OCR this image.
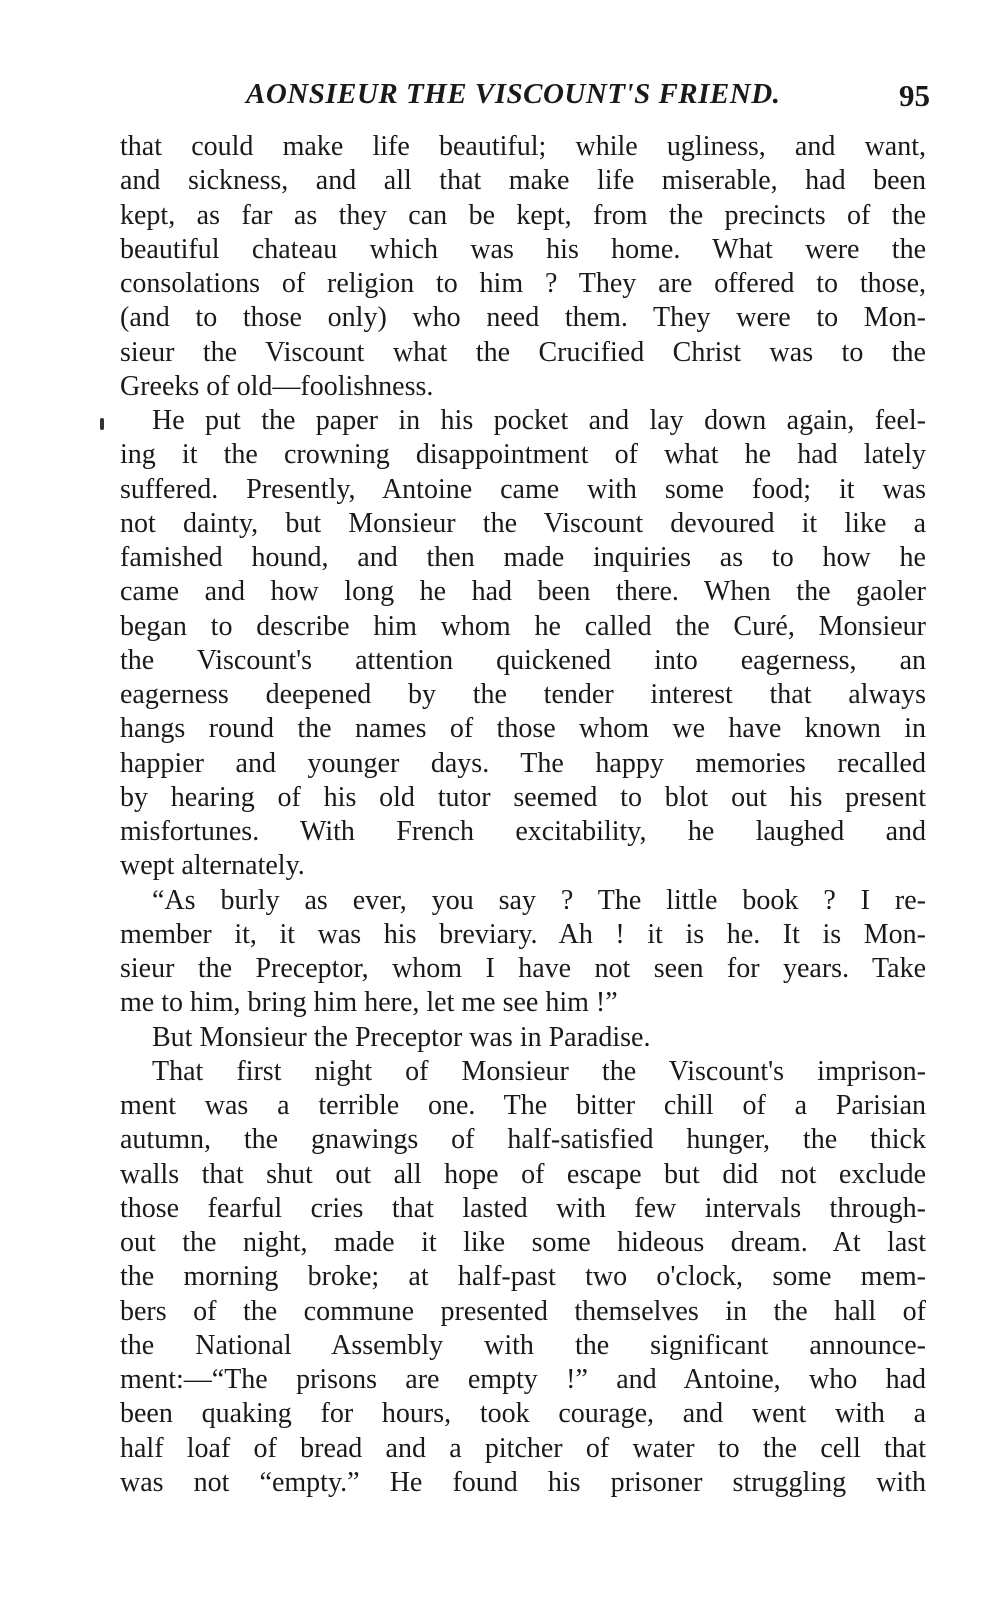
AONSIEUR THE VISCOUNT'S FRIEND.	95
that could make life beautiful; while ugliness, and want,
and sickness, and all that make life miserable, had been
kept, as far as they can be kept, from the precincts of the
beautiful chateau which was his home. What were the
consolations of religion to him ? They are offered to those,
(and to those only) who need them. They were to Mon-
sieur the Viscount what the Crucified Christ was to the
Greeks of old—foolishness.
He put the paper in his pocket and lay down again, feel-
ing it the crowning disappointment of what he had lately
suffered. Presently, Antoine came with some food; it was
not dainty, but Monsieur the Viscount devoured it like a
famished hound, and then made inquiries as to how he
came and how long he had been there. When the gaoler
began to describe him whom he called the Curé, Monsieur
the Viscount's attention quickened into eagerness, an
eagerness deepened by the tender interest that always
hangs round the names of those whom we have known in
happier and younger days. The happy memories recalled
by hearing of his old tutor seemed to blot out his present
misfortunes. With French excitability, he laughed and
wept alternately.
“As burly as ever, you say ? The little book ? I re-
member it, it was his breviary. Ah ! it is he. It is Mon-
sieur the Preceptor, whom I have not seen for years. Take
me to him, bring him here, let me see him !”
But Monsieur the Preceptor was in Paradise.
That first night of Monsieur the Viscount's imprison-
ment was a terrible one. The bitter chill of a Parisian
autumn, the gnawings of half-satisfied hunger, the thick
walls that shut out all hope of escape but did not exclude
those fearful cries that lasted with few intervals through-
out the night, made it like some hideous dream. At last
the morning broke; at half-past two o'clock, some mem-
bers of the commune presented themselves in the hall of
the National Assembly with the significant announce-
ment:—“The prisons are empty !” and Antoine, who had
been quaking for hours, took courage, and went with a
half loaf of bread and a pitcher of water to the cell that
was not “empty.” He found his prisoner struggling with
